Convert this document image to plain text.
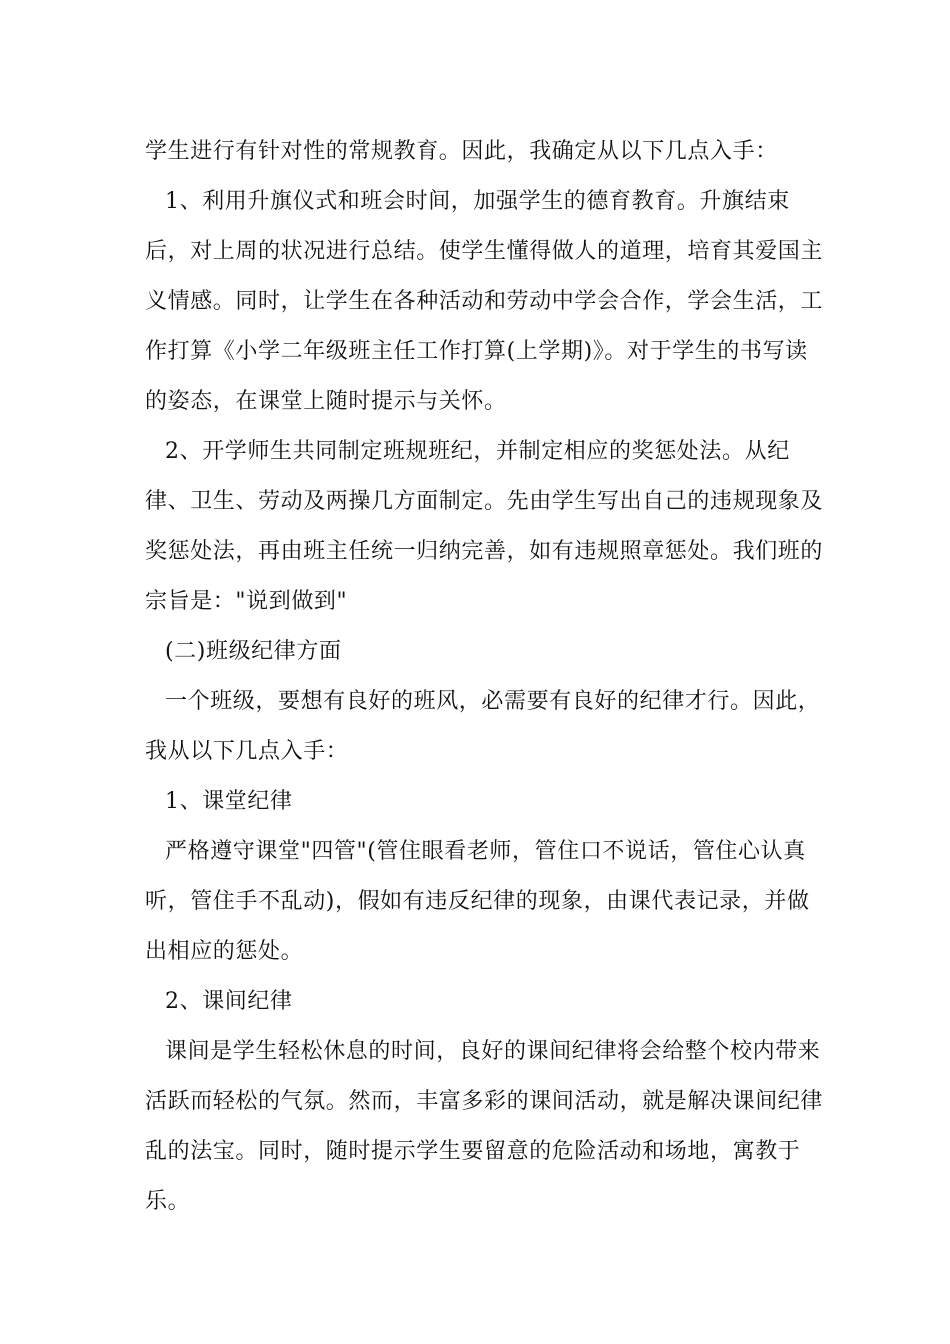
学生进行有针对性的常规教育。因此，我确定从以下几点入手：

1、利用升旗仪式和班会时间，加强学生的德育教育。升旗结束后，对上周的状况进行总结。使学生懂得做人的道理，培育其爱国主义情感。同时，让学生在各种活动和劳动中学会合作，学会生活，工作打算《小学二年级班主任工作打算(上学期)》。对于学生的书写读的姿态，在课堂上随时提示与关怀。

2、开学师生共同制定班规班纪，并制定相应的奖惩处法。从纪律、卫生、劳动及两操几方面制定。先由学生写出自己的违规现象及奖惩处法，再由班主任统一归纳完善，如有违规照章惩处。我们班的宗旨是："说到做到"

(二)班级纪律方面

一个班级，要想有良好的班风，必需要有良好的纪律才行。因此，我从以下几点入手：

1、课堂纪律

严格遵守课堂"四管"(管住眼看老师，管住口不说话，管住心认真听，管住手不乱动)，假如有违反纪律的现象，由课代表记录，并做出相应的惩处。

2、课间纪律

课间是学生轻松休息的时间，良好的课间纪律将会给整个校内带来活跃而轻松的气氛。然而，丰富多彩的课间活动，就是解决课间纪律乱的法宝。同时，随时提示学生要留意的危险活动和场地，寓教于乐。
